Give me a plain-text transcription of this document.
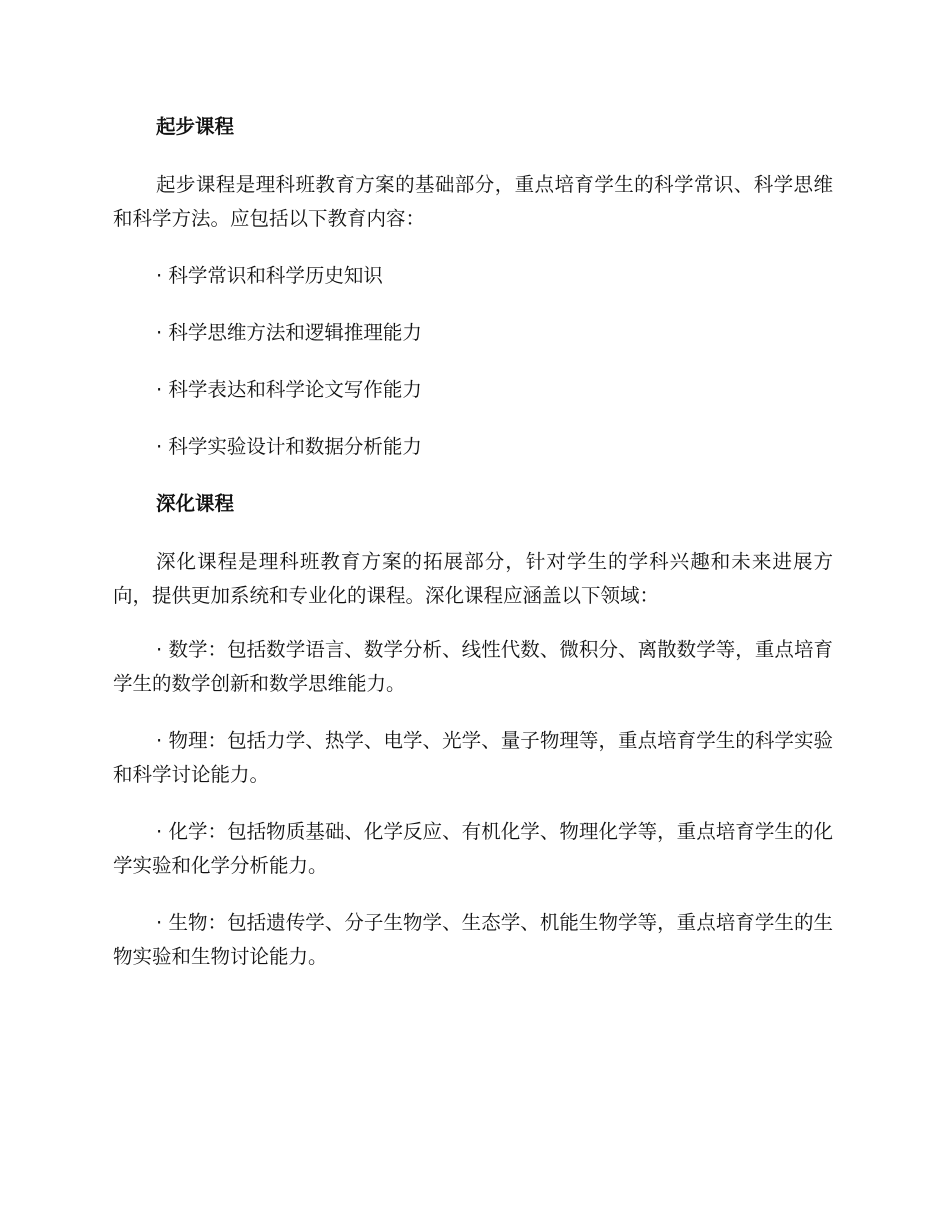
起步课程

起步课程是理科班教育方案的基础部分，重点培育学生的科学常识、科学思维和科学方法。应包括以下教育内容：

· 科学常识和科学历史知识
· 科学思维方法和逻辑推理能力
· 科学表达和科学论文写作能力
· 科学实验设计和数据分析能力
深化课程

深化课程是理科班教育方案的拓展部分，针对学生的学科兴趣和未来进展方向，提供更加系统和专业化的课程。深化课程应涵盖以下领域：

· 数学：包括数学语言、数学分析、线性代数、微积分、离散数学等，重点培育学生的数学创新和数学思维能力。
· 物理：包括力学、热学、电学、光学、量子物理等，重点培育学生的科学实验和科学讨论能力。
· 化学：包括物质基础、化学反应、有机化学、物理化学等，重点培育学生的化学实验和化学分析能力。
· 生物：包括遗传学、分子生物学、生态学、机能生物学等，重点培育学生的生物实验和生物讨论能力。
